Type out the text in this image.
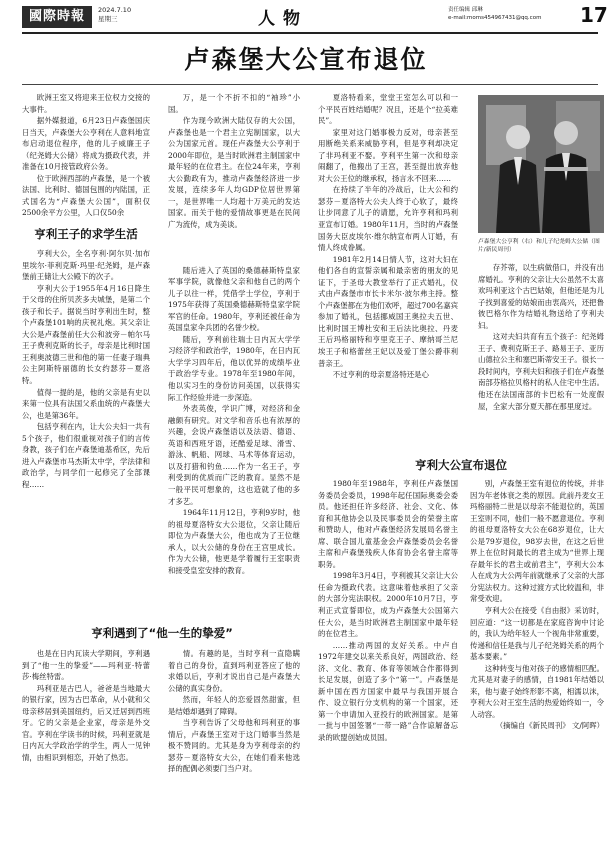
國際時報	2024.7.10
星期三	人物	责任编辑 邱琳
e-mail:moms454967431@qq.com 17
卢森堡大公宣布退位

欧洲王室又将迎来王位权力交接的大事件。

据外媒报道，6月23日卢森堡国庆日当天，卢森堡大公亨利在人意料地宣布启动退位程序，他的儿子威廉王子（纪尧姆大公储）将成为摄政代表，并准备在10月接管政府公务。

位于欧洲西部的卢森堡，是一个被法国、比利时、德国包围的内陆国，正式国名为“卢森堡大公国”，面积仅2500余平方公里，人口仅50余

亨利王子的求学生活

亨利大公，全名亨利·阿尔贝·加布里埃尔·菲利克斯·玛里·纪尧姆，是卢森堡前王储让大公殿下的次子。

亨利大公于1955年4月16日降生于父母的住所贝茨多夫城堡，是第二个孩子和长子。据说当时亨利出生时，整个卢森堡101响的庆祝礼炮。其父亲让大公是卢森堡前任大公和波旁－帕尔马王子费利克斯的长子，母亲是比利时国王利奥波德三世和他的第一任妻子瑞典公主阿斯特丽德的长女约瑟芬－夏洛特。

值得一提的是，他的父亲是有史以来第一位具有法国父系血统的卢森堡大公，也是第36年。

包括亨利在内，让大公夫妇一共有5个孩子，他们很重视对孩子们的言传身教，孩子们在卢森堡迪基希区，先后进入卢森堡市马杰斯太中学，学法律和政治学，与同学们一起修完了全部课程……

万，是一个不折不扣的“袖珍”小国。

作为现今欧洲大陆仅存的大公国，卢森堡也是一个君主立宪制国家，以大公为国家元首。现任卢森堡大公亨利于2000年即位，是当时欧洲君主制国家中最年轻的在位君主。在位24年来，亨利大公勤政有为，推动卢森堡经济进一步发展，连续多年人均GDP位居世界第一，是世界唯一人均超十万美元的发达国家。而关于他的爱情故事更是在民间广为流传，成为美谈。

随后进入了英国的桑德赫斯特皇家军事学院，就像他父亲和他自己的两个儿子以往一样，凭借学士学位，亨利于1975年获得了英国桑德赫斯特皇家学院军官的任命。1980年，亨利还被任命为英国皇家伞兵团的名誉少校。

随后，亨利前往瑞士日内瓦大学学习经济学和政治学，1980年，在日内瓦大学学习四年后，他以优异的成绩毕业于政治学专业。1978年至1980年间，他以实习生的身份访问美国，以获得实际工作经验并进一步深造。

外表英俊，学识广博，对经济和金融颇有研究。对文学和音乐也有浓厚的兴趣，会说卢森堡语以及法语、德语、英语和西班牙语，还酷爱足球、滑雪、游泳、帆船、网球、马术等体育运动，以及打猎和钓鱼……作为一名王子，亨利受到的优质而广泛的教育。显然不是一般平民可想象的，这也造就了他的多才多艺。

1964年11月12日，亨利9岁时，他的祖母夏洛特女大公退位，父亲让随后即位为卢森堡大公，他也成为了王位继承人，以大公储的身份在王宫里成长。作为大公储，他更是学着履行王室职责和接受皇室安排的教育。

夏洛特看来，堂堂王室怎么可以和一个平民百姓结婚呢？况且，还是个“拉美难民”。

家里对这门婚事极力反对，母亲甚至用断绝关系来威胁亨利，但是亨利却决定了非玛利亚不娶。亨利平生第一次和母亲闹翻了，他搬出了王宫，甚至提出放弃他对大公王位的继承权，扬言永不回来……

在持续了半年的冷战后，让大公和约瑟芬－夏洛特大公夫人终于心软了，最终让步同意了儿子的请愿，允许亨利和玛利亚宣布订婚。1980年11月，当时的卢森堡国务大臣皮埃尔·维尔纳宣布两人订婚，有情人终成眷属。

1981年2月14日情人节，这对大妇在他们各自的宣誓亲属和最亲密的朋友的见证下，于圣母大教堂举行了正式婚礼，仪式由卢森堡市市长卡米尔·波尔弗主持。整个卢森堡都在为他们欢呼，超过700名嘉宾参加了婚礼，包括挪威国王奥拉夫五世、比利时国王博杜安和王后法比奥拉、丹麦王后玛格丽特和亨里克王子、摩纳哥兰尼埃王子和格蕾丝王妃以及爱丁堡公爵菲利普亲王。

不过亨利的母亲夏洛特还是心

卢森堡大公亨利（右）和儿子纪尧姆大公储（图片/新民周刊）

存芥蒂，以生病做借口，并没有出席婚礼。亨利的父亲让大公虽然不太喜欢玛利亚这个古巴姑娘，但他还是为儿子找到喜爱的姑娘而由衷高兴，还把鲁彼巴格尔作为结婚礼物送给了亨利夫妇。

这对夫妇共育有五个孩子：纪尧姆王子、费利克斯王子、路易王子、亚历山德拉公主和塞巴斯蒂安王子。很长一段时间内，亨利夫妇和孩子们在卢森堡南部芬格拉贝格村的私人住宅中生活。他还在法国南部的卡巴松有一处度假屋，全家大部分夏天都在那里度过。

亨利大公宣布退位

1980年至1988年，亨利任卢森堡国务委员会委员，1998年起任国际奥委会委员。他还担任许多经济、社会、文化、体育和其他协会以及民事委员会的荣誉主席和赞助人，他对卢森堡经济发展局名誉主席、联合国儿童基金会卢森堡委员会名誉主席和卢森堡残疾人体育协会名誉主席等职务。

1998年3月4日，亨利被其父亲让大公任命为摄政代表。这意味着他承担了父亲的大部分宪法职权。2000年10月7日，亨利正式宣誓即位，成为卢森堡大公国第六任大公，是当时欧洲君主制国家中最年轻的在位君主。

……推动两国的友好关系。中卢自1972年建交以来关系良好，两国政治、经济、文化、教育、体育等领域合作都得到长足发展，创造了多个“第一”。卢森堡是新中国在西方国家中最早与我国开展合作、设立银行分支机构的第一个国家，还第一个申请加入亚投行的欧洲国家。是第一批与中国签署“一带一路”合作谅解备忘录的欧盟创始成员国。

别，卢森堡王室有退位的传统，并非因为年老体衰之类的原因。此前丹麦女王玛格丽特二世是以母亲不能退位的，英国王室则不同，他们一般不愿意退位。亨利的祖母夏洛特女大公在68岁退位，让大公是79岁退位，98岁去世，在这之后世界上在位时间最长的君主成为“世界上现存最年长的君主或前君主”，亨利大公本人在成为大公两年前就继承了父亲的大部分宪法权力。这种过渡方式比较温和，非常受欢迎。

亨利大公在接受《自由报》采访时，回应道：“这一切都是在家庭咨询中讨论的，我认为给年轻人一个视角非常重要，传递和信任是我与儿子纪尧姆关系的两个基本要素。”

这种转变与他对孩子的感情相匹配。尤其是对妻子的感情，自1981年结婚以来，他与妻子始终形影不离，相濡以沫，亨利大公对王室生活的热爱始终如一，令人动容。

（摘编自《新民周刊》 文/阿晖）

亨利遇到了“他一生的挚爱”

也是在日内瓦读大学期间，亨利遇到了“他一生的挚爱”——玛利亚·特蕾莎·梅丝特雷。

玛利亚是古巴人，爸爸是当地最大的银行家，因为古巴革命，从小就和父母亲移居到美国纽约，后又迁居到西班牙。它的父亲是企业家，母亲是外交官。亨利在学读书的时候，玛利亚就是日内瓦大学政治学的学生，两人一见钟情，由相识到相恋，开始了热恋。

情。有趣的是，当时亨利一直隐瞒着自己的身份，直到玛利亚答应了他的求婚以后，亨利才说出自己是卢森堡大公储的真实身份。

然而，年轻人的恋爱固然甜蜜，但是结婚却遇到了障碍。

当亨利告诉了父母他和玛利亚的事情后，卢森堡王室对于这门婚事当然是极不赞同的。尤其是身为亨利母亲的约瑟芬－夏洛特女大公，在她们看来他选择的配偶必须要门当户对。
